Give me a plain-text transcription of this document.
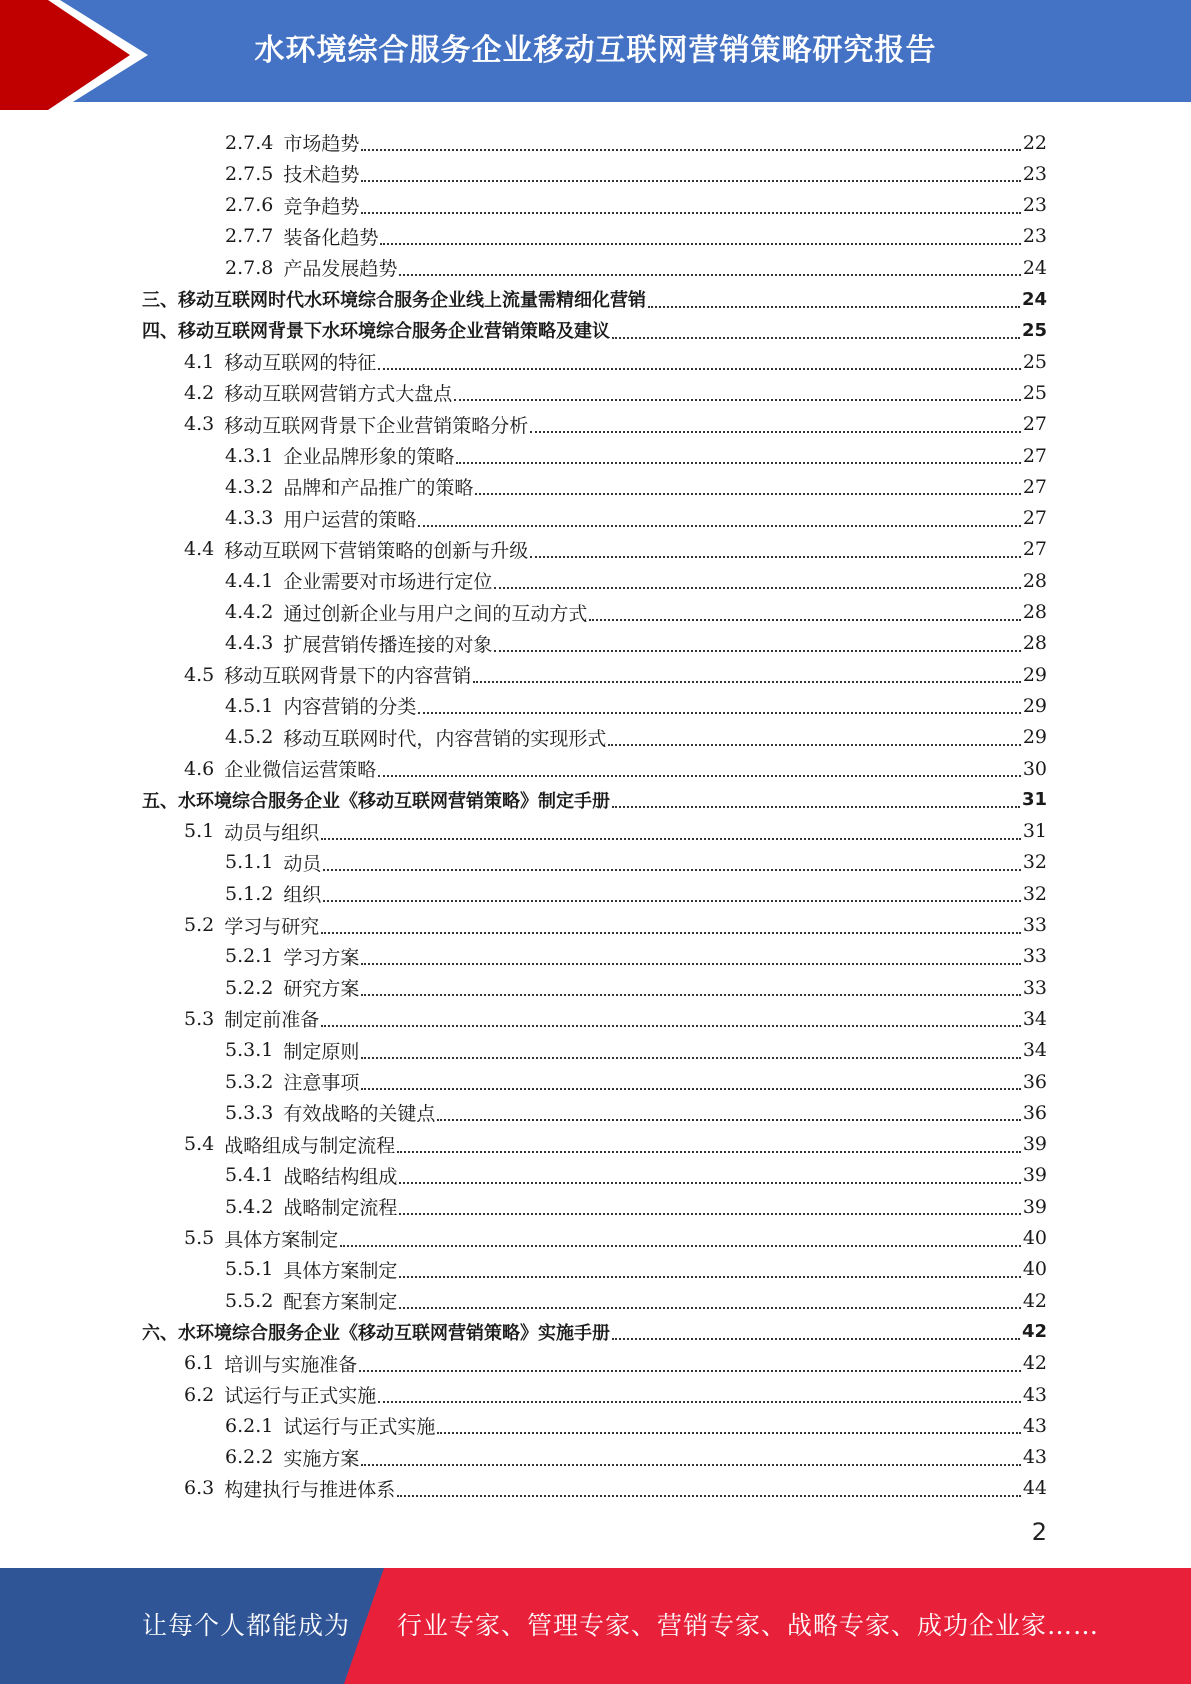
水环境综合服务企业移动互联网营销策略研究报告
2.7.4 市场趋势	22
2.7.5 技术趋势	23
2.7.6 竞争趋势	23
2.7.7 装备化趋势	23
2.7.8 产品发展趋势	24
三、移动互联网时代水环境综合服务企业线上流量需精细化营销	24
四、移动互联网背景下水环境综合服务企业营销策略及建议	25
4.1 移动互联网的特征	25
4.2 移动互联网营销方式大盘点	25
4.3 移动互联网背景下企业营销策略分析	27
4.3.1 企业品牌形象的策略	27
4.3.2 品牌和产品推广的策略	27
4.3.3 用户运营的策略	27
4.4 移动互联网下营销策略的创新与升级	27
4.4.1 企业需要对市场进行定位	28
4.4.2 通过创新企业与用户之间的互动方式	28
4.4.3 扩展营销传播连接的对象	28
4.5 移动互联网背景下的内容营销	29
4.5.1 内容营销的分类	29
4.5.2 移动互联网时代，内容营销的实现形式	29
4.6 企业微信运营策略	30
五、水环境综合服务企业《移动互联网营销策略》制定手册	31
5.1 动员与组织	31
5.1.1 动员	32
5.1.2 组织	32
5.2 学习与研究	33
5.2.1 学习方案	33
5.2.2 研究方案	33
5.3 制定前准备	34
5.3.1 制定原则	34
5.3.2 注意事项	36
5.3.3 有效战略的关键点	36
5.4 战略组成与制定流程	39
5.4.1 战略结构组成	39
5.4.2 战略制定流程	39
5.5 具体方案制定	40
5.5.1 具体方案制定	40
5.5.2 配套方案制定	42
六、水环境综合服务企业《移动互联网营销策略》实施手册	42
6.1 培训与实施准备	42
6.2 试运行与正式实施	43
6.2.1 试运行与正式实施	43
6.2.2 实施方案	43
6.3 构建执行与推进体系	44
2
让每个人都能成为 行业专家、管理专家、营销专家、战略专家、成功企业家……
